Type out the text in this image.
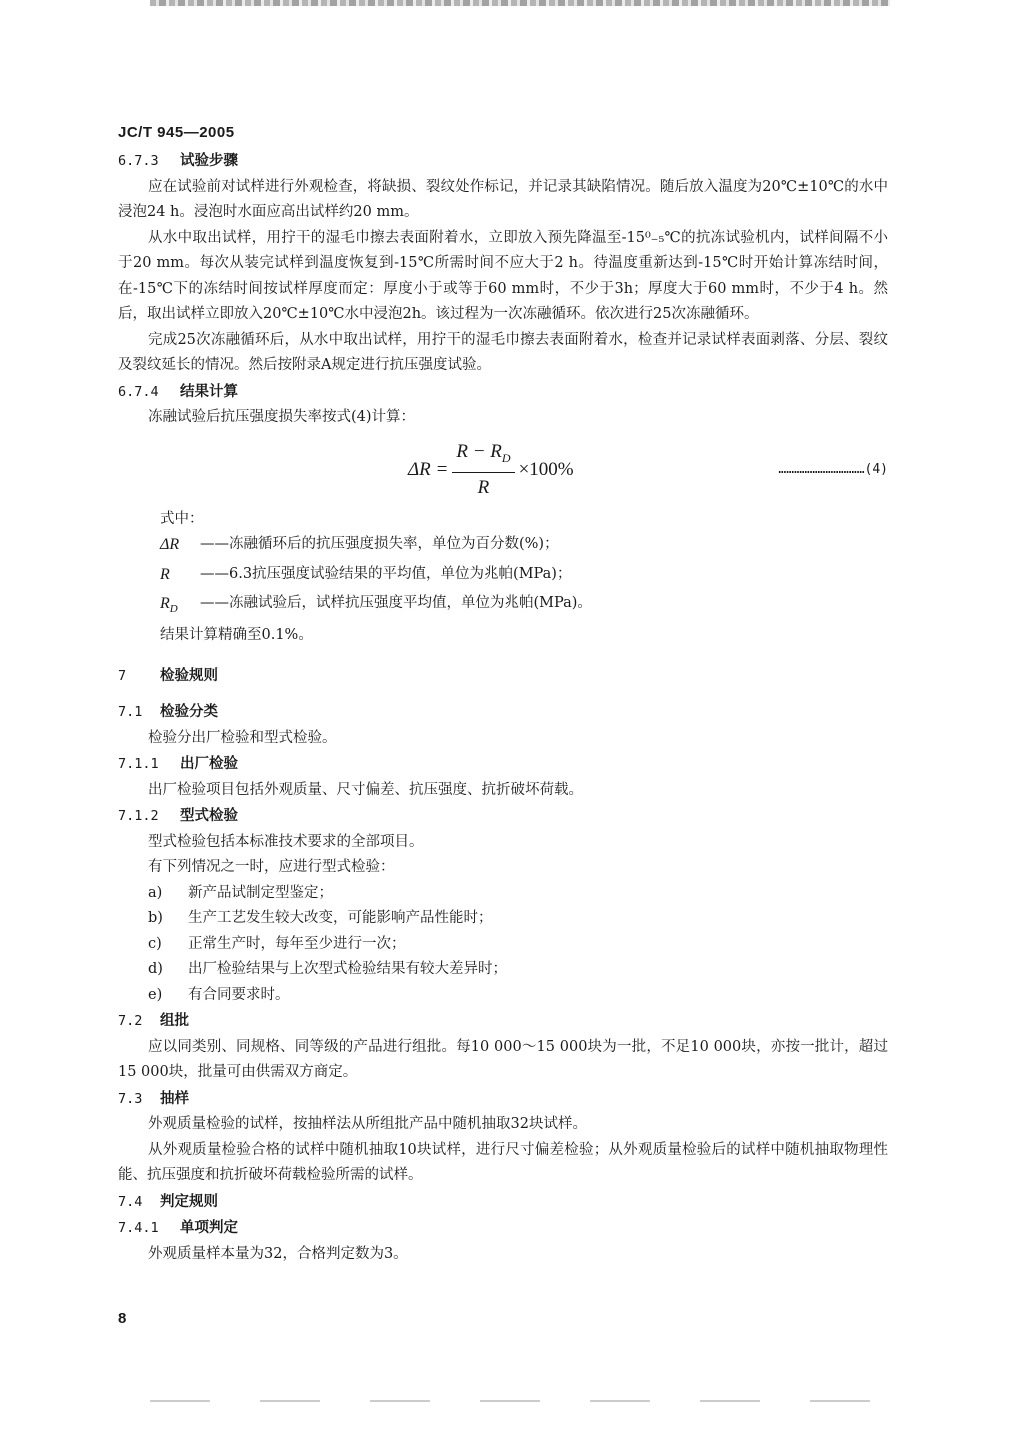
JC/T 945—2005
6.7.3 试验步骤
应在试验前对试样进行外观检查，将缺损、裂纹处作标记，并记录其缺陷情况。随后放入温度为20℃±10℃的水中浸泡24 h。浸泡时水面应高出试样约20 mm。
从水中取出试样，用拧干的湿毛巾擦去表面附着水，立即放入预先降温至-15⁰₋₅℃的抗冻试验机内，试样间隔不小于20 mm。每次从装完试样到温度恢复到-15℃所需时间不应大于2 h。待温度重新达到-15℃时开始计算冻结时间，在-15℃下的冻结时间按试样厚度而定：厚度小于或等于60 mm时，不少于3h；厚度大于60 mm时，不少于4 h。然后，取出试样立即放入20℃±10℃水中浸泡2h。该过程为一次冻融循环。依次进行25次冻融循环。
完成25次冻融循环后，从水中取出试样，用拧干的湿毛巾擦去表面附着水，检查并记录试样表面剥落、分层、裂纹及裂纹延长的情况。然后按附录A规定进行抗压强度试验。
6.7.4 结果计算
冻融试验后抗压强度损失率按式(4)计算：
$\Delta R = \frac{R - R_D}{R} \times 100\%$	……………………………(4)
式中：
ΔR	——冻融循环后的抗压强度损失率，单位为百分数(%)；
R	——6.3抗压强度试验结果的平均值，单位为兆帕(MPa)；
$R_D$	——冻融试验后，试样抗压强度平均值，单位为兆帕(MPa)。
结果计算精确至0.1%。
7 检验规则
7.1 检验分类
检验分出厂检验和型式检验。
7.1.1 出厂检验
出厂检验项目包括外观质量、尺寸偏差、抗压强度、抗折破坏荷载。
7.1.2 型式检验
型式检验包括本标准技术要求的全部项目。
有下列情况之一时，应进行型式检验：
a)	新产品试制定型鉴定；
b)	生产工艺发生较大改变，可能影响产品性能时；
c)	正常生产时，每年至少进行一次；
d)	出厂检验结果与上次型式检验结果有较大差异时；
e)	有合同要求时。
7.2 组批
应以同类别、同规格、同等级的产品进行组批。每10 000～15 000块为一批，不足10 000块，亦按一批计，超过15 000块，批量可由供需双方商定。
7.3 抽样
外观质量检验的试样，按抽样法从所组批产品中随机抽取32块试样。
从外观质量检验合格的试样中随机抽取10块试样，进行尺寸偏差检验；从外观质量检验后的试样中随机抽取物理性能、抗压强度和抗折破坏荷载检验所需的试样。
7.4 判定规则
7.4.1 单项判定
外观质量样本量为32，合格判定数为3。
8
